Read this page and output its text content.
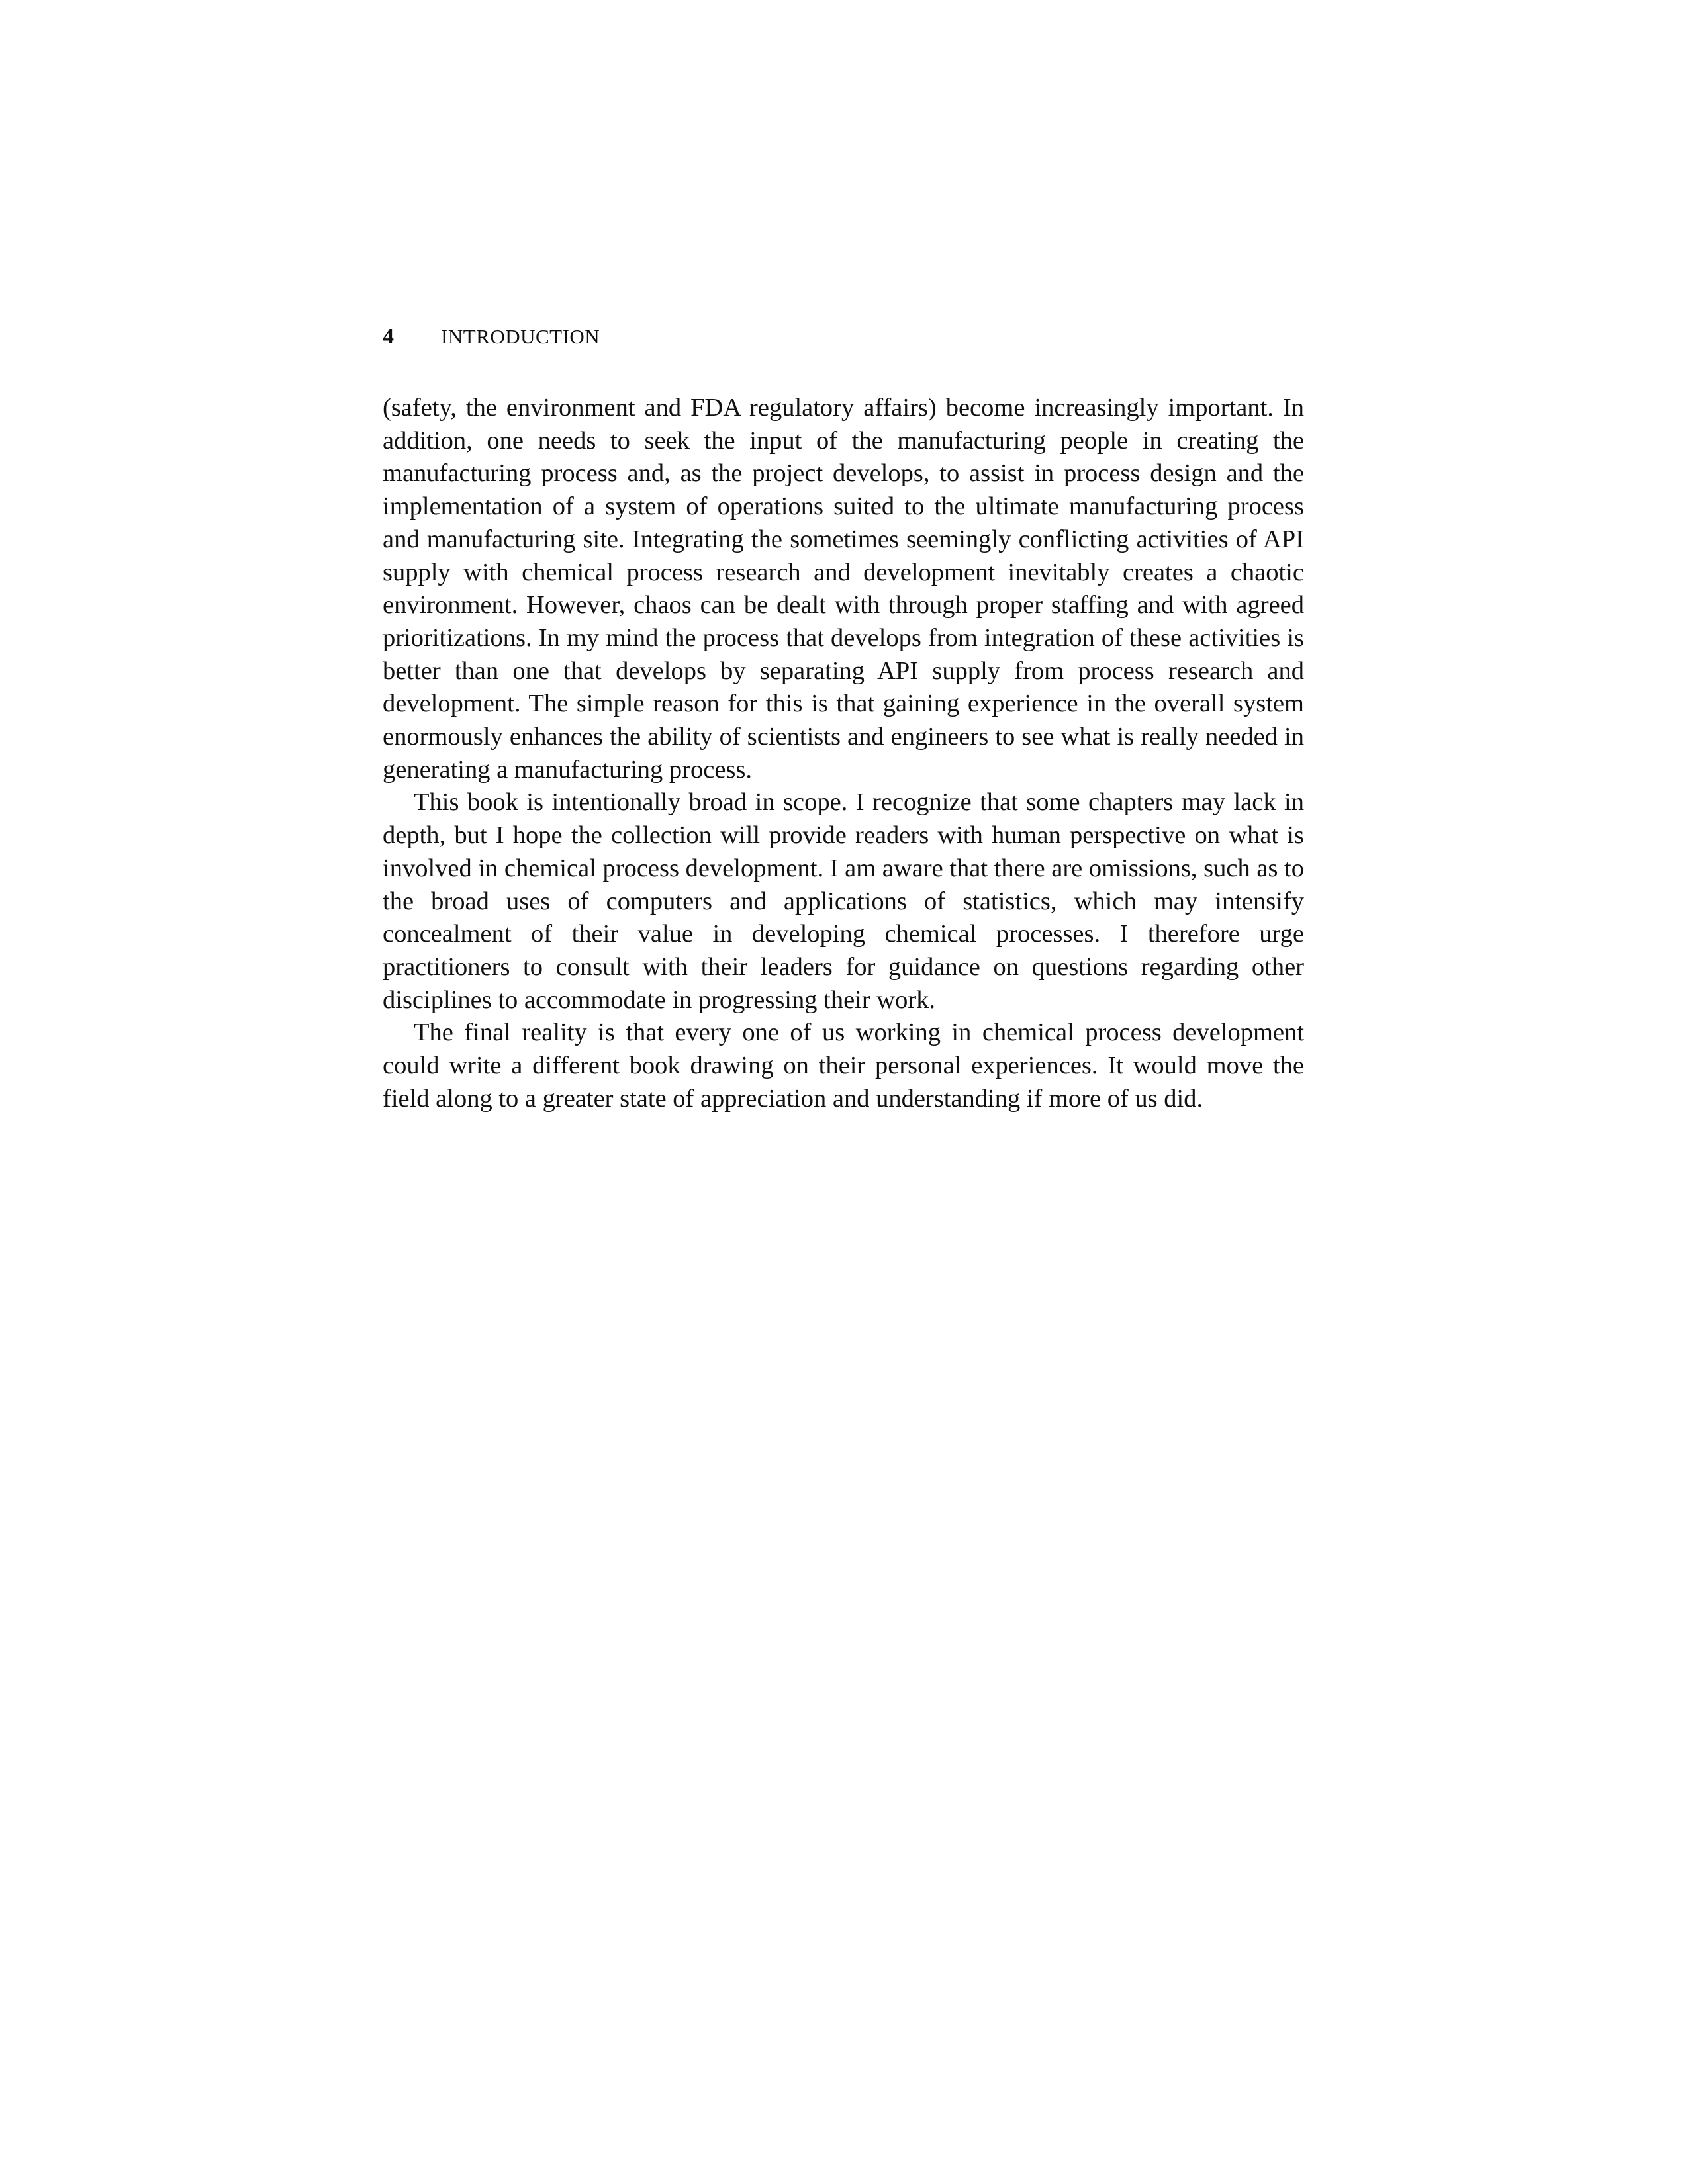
4	INTRODUCTION

(safety, the environment and FDA regulatory affairs) become increasingly important. In addition, one needs to seek the input of the manufacturing people in creating the manufacturing process and, as the project develops, to assist in process design and the implementation of a system of operations suited to the ultimate manufacturing process and manufacturing site. Integrating the sometimes seemingly conflicting activities of API supply with chemical process research and development inevitably creates a chaotic environment. However, chaos can be dealt with through proper staffing and with agreed prioritizations. In my mind the process that develops from integration of these activities is better than one that develops by separating API supply from process research and development. The simple reason for this is that gaining experience in the overall system enormously enhances the ability of scientists and engineers to see what is really needed in generating a manufacturing process.

This book is intentionally broad in scope. I recognize that some chapters may lack in depth, but I hope the collection will provide readers with human perspective on what is involved in chemical process development. I am aware that there are omissions, such as to the broad uses of computers and applications of statistics, which may intensify concealment of their value in developing chemical processes. I therefore urge practitioners to consult with their leaders for guidance on questions regarding other disciplines to accommodate in progressing their work.

The final reality is that every one of us working in chemical process development could write a different book drawing on their personal experiences. It would move the field along to a greater state of appreciation and understanding if more of us did.
